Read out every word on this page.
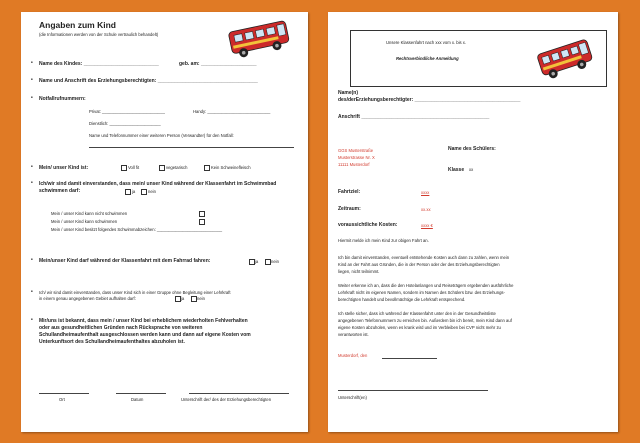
Angaben zum Kind
(die Informationen werden von der Schule vertraulich behandelt)
• Name des Kindes: ___________________________	geb. am: ____________________
• Name und Anschrift des Erziehungsberechtigten: ____________________________________
• Notfallrufnummern:
Privat: ___________________________	Handy: ___________________________
Dienstlich: ______________________
Name und Telefonnummer einer weiteren Person (Verwandter) für den Notfall:
• Mein/ unser Kind ist:	Voll fit	vegetarisch	Kein Schweinefleisch
• Ich/wir sind damit einverstanden, dass mein/ unser Kind während der Klassenfahrt im Schwimmbad schwimmen darf:	ja	nein
Mein / unser Kind kann nicht schwimmen
Mein / unser Kind kann schwimmen
Mein / unser Kind besitzt folgendes Schwimmabzeichen: ____________________________
• Mein/unser Kind darf während der Klassenfahrt mit dem Fahrrad fahren:	ja	nein
• Ich/ wir sind damit einverstanden, dass unser Kind sich in einer Gruppe ohne Begleitung einer Lehrkraft
in einem genau angegebenen Gebiet aufhalten darf:	ja	nein
• Mir/uns ist bekannt, dass mein / unser Kind bei erheblichem wiederholten Fehlverhalten
oder aus gesundheitlichen Gründen nach Rücksprache von weiteren
Schullandheimaufenthalt ausgeschlossen werden kann und dann auf eigene Kosten vom
Unterkunftsort des Schullandheimaufenthaltes abzuholen ist.
Ort	Datum	Unterschrift der/ des der Erziehungsberechtigten
Unsere Klassenfahrt nach xxx vom x. bis x.
Rechtsverbindliche Anmeldung
Name(n)
des/derErziehungsberechtigter: ______________________________________
Anschrift ______________________________________________
GGS Musterstraße
Musterstrasse Nr. X
11111 Musterdorf
Name des Schülers:
Klasse xx
Fahrtziel:	xxxx
Zeitraum:	xx.xx
voraussichtliche Kosten:	xxxx €
Hiermit melde ich mein Kind zur obigen Fahrt an.
Ich bin damit einverstanden, eventuell entstehende Kosten auch dann zu zahlen, wenn mein
Kind an der Fahrt aus Gründen, die in der Person oder der des Erziehungsberechtigten
liegen, nicht teilnimmt.
Weiter erkenne ich an, dass die den Hotelanlangen und Reiseträgern ergebenden ausführliche
Lehrkraft nicht im eigenen Namen, sondern im Namen des Schülers bzw. des Erziehungs-
berechtigten handelt und bevollmächtige die Lehrkraft entsprechend.
Ich stelle sicher, dass ich während der Klassenfahrt unter den in der Gesundheitsliste
angegebenen Telefonnummern zu erreichen bin. Außerdem bin ich bereit, mein Kind dann auf
eigene Kosten abzuholen, wenn es krank wird und im Verbleiben bei CVP nicht mehr zu
verantworten ist.
Musterdorf, den
Unterschrift(en)
